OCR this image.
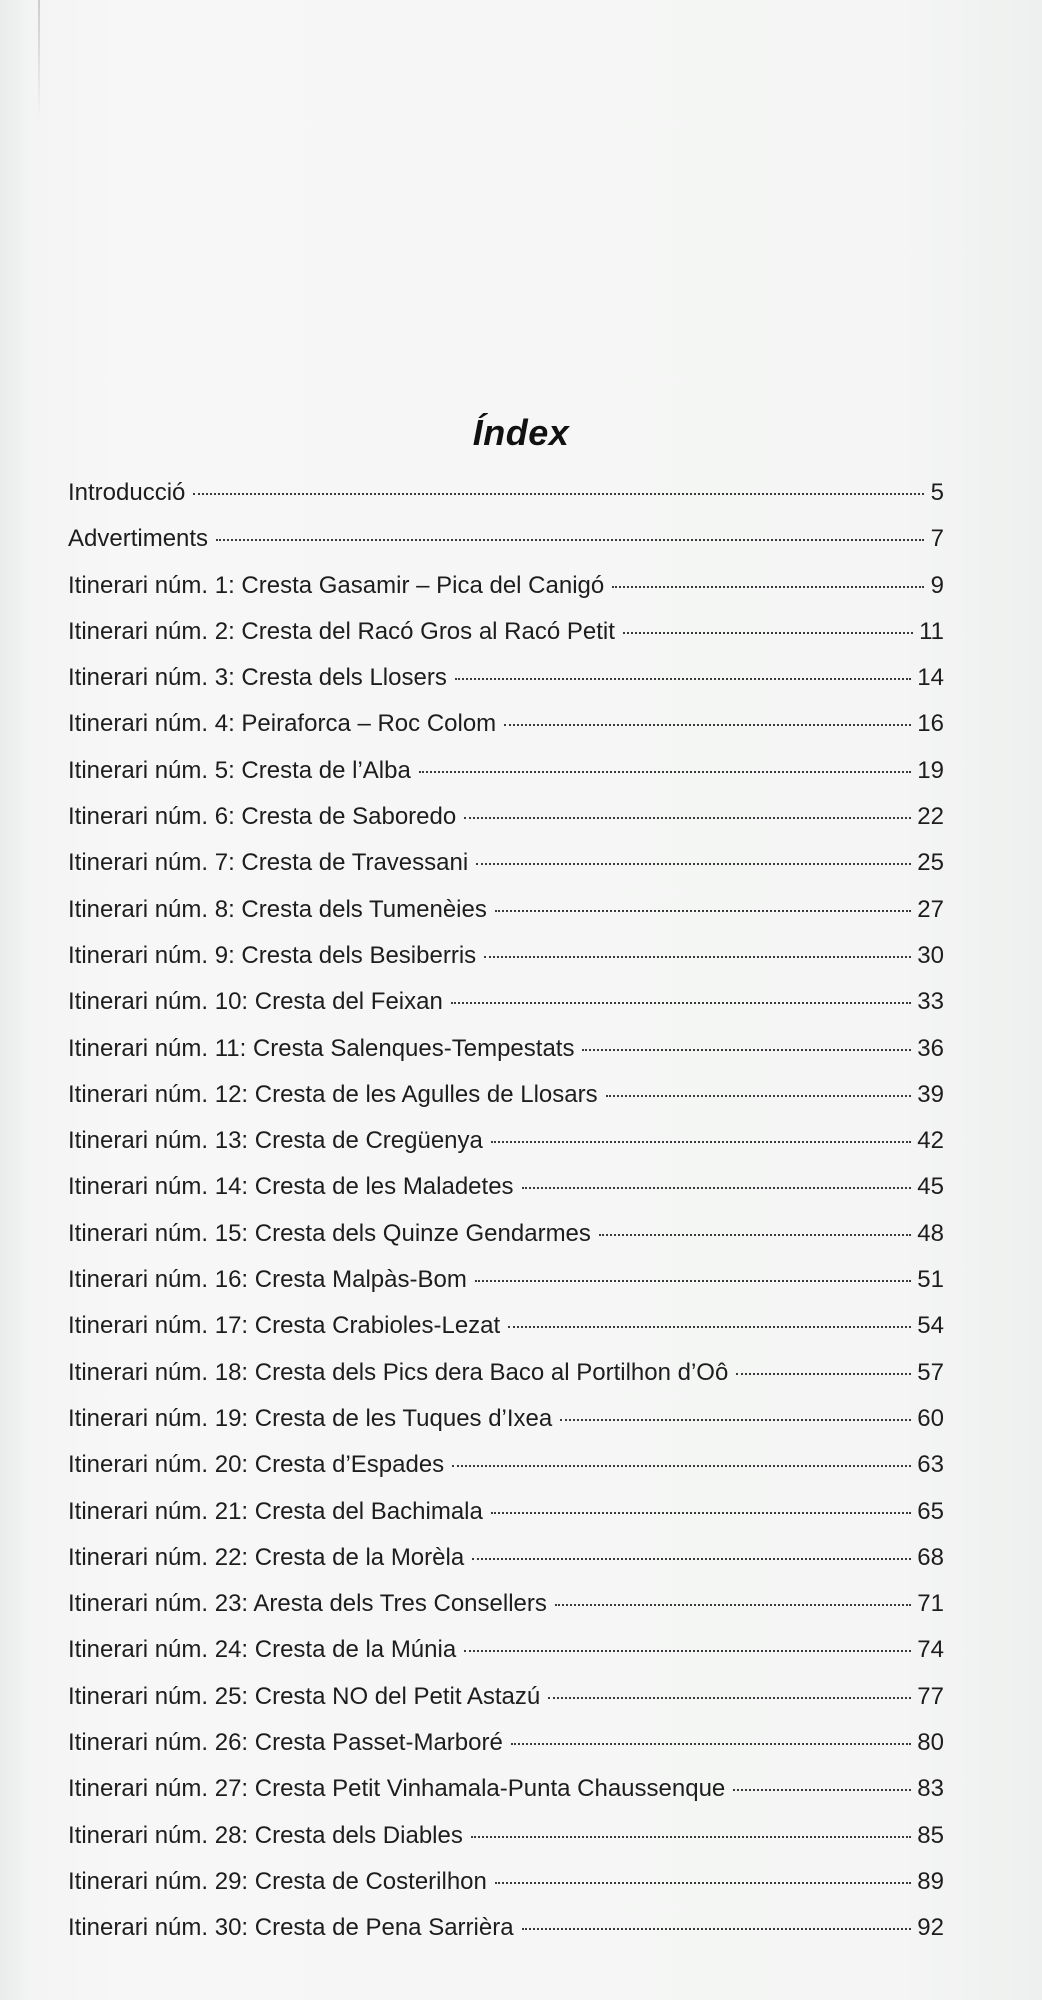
Índex
Introducció	5
Advertiments	7
Itinerari núm. 1: Cresta Gasamir – Pica del Canigó	9
Itinerari núm. 2: Cresta del Racó Gros al Racó Petit	11
Itinerari núm. 3: Cresta dels Llosers	14
Itinerari núm. 4: Peiraforca – Roc Colom	16
Itinerari núm. 5: Cresta de l’Alba	19
Itinerari núm. 6: Cresta de Saboredo	22
Itinerari núm. 7: Cresta de Travessani	25
Itinerari núm. 8: Cresta dels Tumenèies	27
Itinerari núm. 9: Cresta dels Besiberris	30
Itinerari núm. 10: Cresta del Feixan	33
Itinerari núm. 11: Cresta Salenques-Tempestats	36
Itinerari núm. 12: Cresta de les Agulles de Llosars	39
Itinerari núm. 13: Cresta de Cregüenya	42
Itinerari núm. 14: Cresta de les Maladetes	45
Itinerari núm. 15: Cresta dels Quinze Gendarmes	48
Itinerari núm. 16: Cresta Malpàs-Bom	51
Itinerari núm. 17: Cresta Crabioles-Lezat	54
Itinerari núm. 18: Cresta dels Pics dera Baco al Portilhon d’Oô	57
Itinerari núm. 19: Cresta de les Tuques d’Ixea	60
Itinerari núm. 20: Cresta d’Espades	63
Itinerari núm. 21: Cresta del Bachimala	65
Itinerari núm. 22: Cresta de la Morèla	68
Itinerari núm. 23: Aresta dels Tres Consellers	71
Itinerari núm. 24: Cresta de la Múnia	74
Itinerari núm. 25: Cresta NO del Petit Astazú	77
Itinerari núm. 26: Cresta Passet-Marboré	80
Itinerari núm. 27: Cresta Petit Vinhamala-Punta Chaussenque	83
Itinerari núm. 28: Cresta dels Diables	85
Itinerari núm. 29: Cresta de Costerilhon	89
Itinerari núm. 30: Cresta de Pena Sarrièra	92
